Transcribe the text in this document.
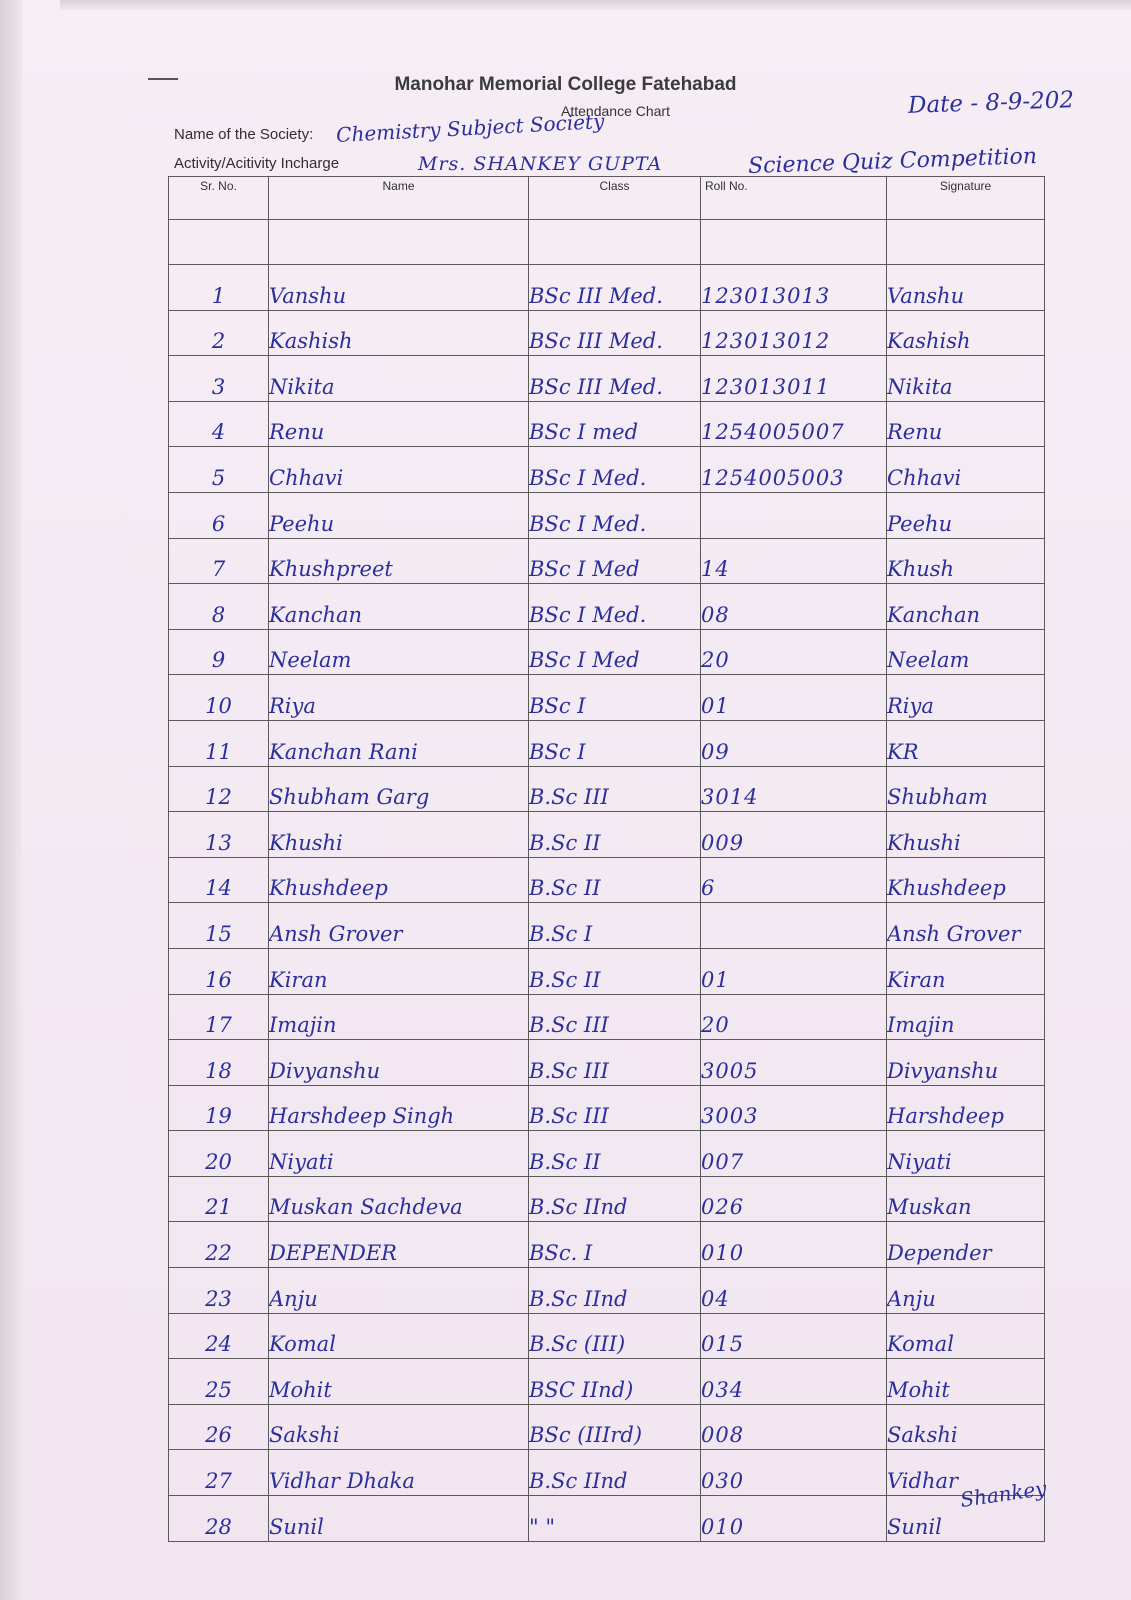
Manohar Memorial College Fatehabad
Attendance Chart	Date - 8-9-202
Name of the Society: Chemistry Subject Society
Activity/Acitivity Incharge	Mrs. SHANKEY GUPTA	Science Quiz Competition
Sr. No.	Name	Class	Roll No.	Signature

1	Vanshu	BSc III Med.	123013013	Vanshu
2	Kashish	BSc III Med.	123013012	Kashish
3	Nikita	BSc III Med.	123013011	Nikita
4	Renu	BSc I med	1254005007	Renu
5	Chhavi	BSc I Med.	1254005003	Chhavi
6	Peehu	BSc I Med.		Peehu
7	Khushpreet	BSc I Med	14	Khush
8	Kanchan	BSc I Med.	08	Kanchan
9	Neelam	BSc I Med	20	Neelam
10	Riya	BSc I	01	Riya
11	Kanchan Rani	BSc I	09	KR
12	Shubham Garg	B.Sc III	3014	Shubham
13	Khushi	B.Sc II	009	Khushi
14	Khushdeep	B.Sc II	6	Khushdeep
15	Ansh Grover	B.Sc I		Ansh Grover
16	Kiran	B.Sc II	01	Kiran
17	Imajin	B.Sc III	20	Imajin
18	Divyanshu	B.Sc III	3005	Divyanshu
19	Harshdeep Singh	B.Sc III	3003	Harshdeep
20	Niyati	B.Sc II	007	Niyati
21	Muskan Sachdeva	B.Sc IInd	026	Muskan
22	DEPENDER	BSc. I	010	Depender
23	Anju	B.Sc IInd	04	Anju
24	Komal	B.Sc (III)	015	Komal
25	Mohit	BSC IInd)	034	Mohit
26	Sakshi	BSc (IIIrd)	008	Sakshi
27	Vidhar Dhaka	B.Sc IInd	030	Vidhar
28	Sunil	" "	010	Sunil
Shankey
